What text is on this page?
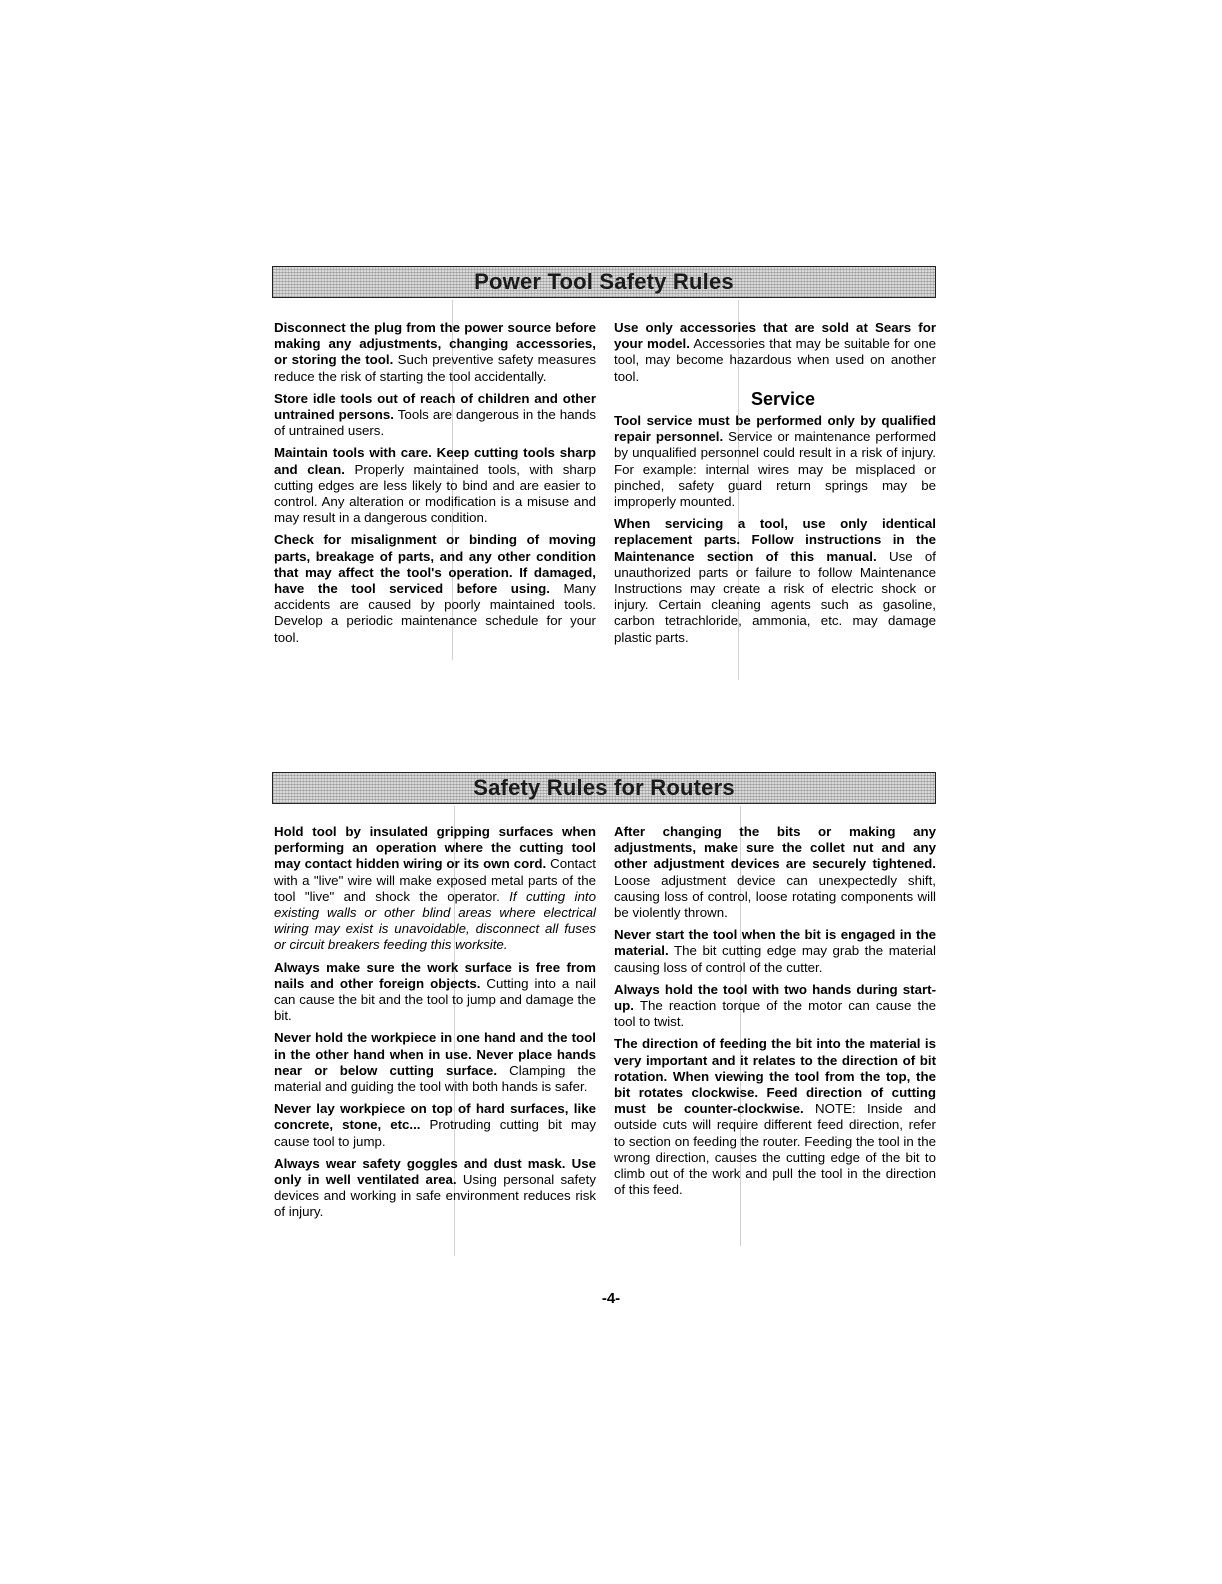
Power Tool Safety Rules

Disconnect the plug from the power source before making any adjustments, changing accessories, or storing the tool. Such preventive safety measures reduce the risk of starting the tool accidentally.

Store idle tools out of reach of children and other untrained persons. Tools are dangerous in the hands of untrained users.

Maintain tools with care. Keep cutting tools sharp and clean. Properly maintained tools, with sharp cutting edges are less likely to bind and are easier to control. Any alteration or modification is a misuse and may result in a dangerous condition.

Check for misalignment or binding of moving parts, breakage of parts, and any other condition that may affect the tool's operation. If damaged, have the tool serviced before using. Many accidents are caused by poorly maintained tools. Develop a periodic maintenance schedule for your tool.

Use only accessories that are sold at Sears for your model. Accessories that may be suitable for one tool, may become hazardous when used on another tool.

Service

Tool service must be performed only by qualified repair personnel. Service or maintenance performed by unqualified personnel could result in a risk of injury. For example: internal wires may be misplaced or pinched, safety guard return springs may be improperly mounted.

When servicing a tool, use only identical replacement parts. Follow instructions in the Maintenance section of this manual. Use of unauthorized parts or failure to follow Maintenance Instructions may create a risk of electric shock or injury. Certain cleaning agents such as gasoline, carbon tetrachloride, ammonia, etc. may damage plastic parts.

Safety Rules for Routers

Hold tool by insulated gripping surfaces when performing an operation where the cutting tool may contact hidden wiring or its own cord. Contact with a "live" wire will make exposed metal parts of the tool "live" and shock the operator. If cutting into existing walls or other blind areas where electrical wiring may exist is unavoidable, disconnect all fuses or circuit breakers feeding this worksite.

Always make sure the work surface is free from nails and other foreign objects. Cutting into a nail can cause the bit and the tool to jump and damage the bit.

Never hold the workpiece in one hand and the tool in the other hand when in use. Never place hands near or below cutting surface. Clamping the material and guiding the tool with both hands is safer.

Never lay workpiece on top of hard surfaces, like concrete, stone, etc... Protruding cutting bit may cause tool to jump.

Always wear safety goggles and dust mask. Use only in well ventilated area. Using personal safety devices and working in safe environment reduces risk of injury.

After changing the bits or making any adjustments, make sure the collet nut and any other adjustment devices are securely tightened. Loose adjustment device can unexpectedly shift, causing loss of control, loose rotating components will be violently thrown.

Never start the tool when the bit is engaged in the material. The bit cutting edge may grab the material causing loss of control of the cutter.

Always hold the tool with two hands during start-up. The reaction torque of the motor can cause the tool to twist.

The direction of feeding the bit into the material is very important and it relates to the direction of bit rotation. When viewing the tool from the top, the bit rotates clockwise. Feed direction of cutting must be counter-clockwise. NOTE: Inside and outside cuts will require different feed direction, refer to section on feeding the router. Feeding the tool in the wrong direction, causes the cutting edge of the bit to climb out of the work and pull the tool in the direction of this feed.

-4-
